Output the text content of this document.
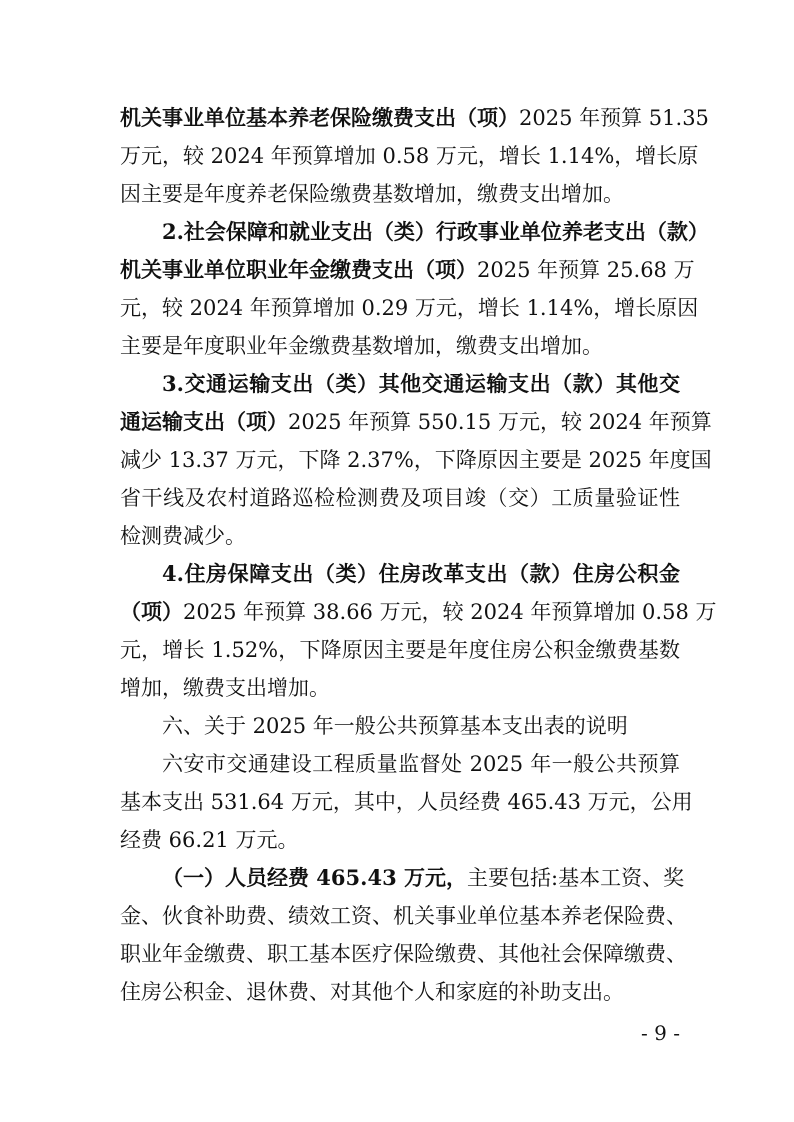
机关事业单位基本养老保险缴费支出（项）2025 年预算 51.35
万元，较 2024 年预算增加 0.58 万元，增长 1.14%，增长原
因主要是年度养老保险缴费基数增加，缴费支出增加。
2.社会保障和就业支出（类）行政事业单位养老支出（款）
机关事业单位职业年金缴费支出（项）2025 年预算 25.68 万
元，较 2024 年预算增加 0.29 万元，增长 1.14%，增长原因
主要是年度职业年金缴费基数增加，缴费支出增加。
3.交通运输支出（类）其他交通运输支出（款）其他交
通运输支出（项）2025 年预算 550.15 万元，较 2024 年预算
减少 13.37 万元，下降 2.37%，下降原因主要是 2025 年度国
省干线及农村道路巡检检测费及项目竣（交）工质量验证性
检测费减少。
4.住房保障支出（类）住房改革支出（款）住房公积金
（项）2025 年预算 38.66 万元，较 2024 年预算增加 0.58 万
元，增长 1.52%，下降原因主要是年度住房公积金缴费基数
增加，缴费支出增加。
六、关于 2025 年一般公共预算基本支出表的说明
六安市交通建设工程质量监督处 2025 年一般公共预算
基本支出 531.64 万元，其中，人员经费 465.43 万元，公用
经费 66.21 万元。
（一）人员经费 465.43 万元，主要包括:基本工资、奖
金、伙食补助费、绩效工资、机关事业单位基本养老保险费、
职业年金缴费、职工基本医疗保险缴费、其他社会保障缴费、
住房公积金、退休费、对其他个人和家庭的补助支出。
- 9 -
